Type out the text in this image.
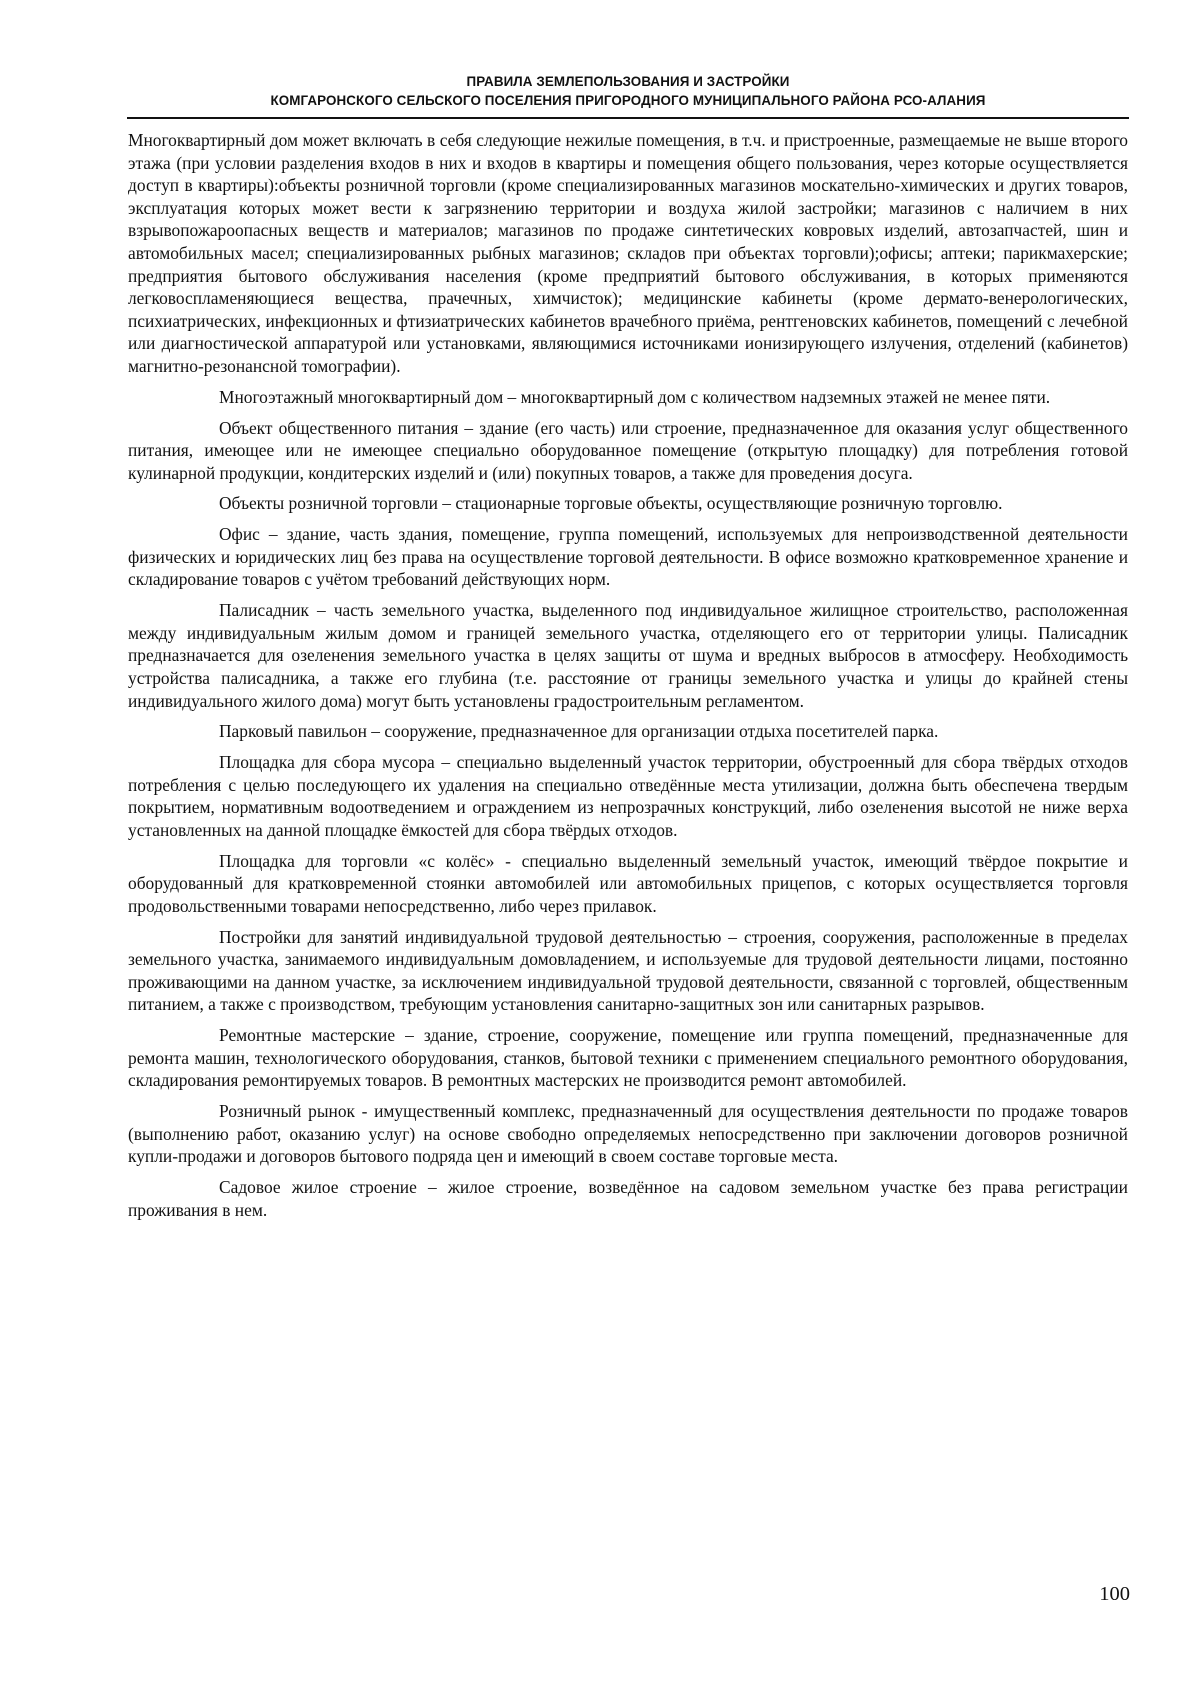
ПРАВИЛА ЗЕМЛЕПОЛЬЗОВАНИЯ И ЗАСТРОЙКИ
КОМГАРОНСКОГО СЕЛЬСКОГО ПОСЕЛЕНИЯ ПРИГОРОДНОГО МУНИЦИПАЛЬНОГО РАЙОНА РСО-АЛАНИЯ

Многоквартирный дом может включать в себя следующие нежилые помещения, в т.ч. и пристроенные, размещаемые не выше второго этажа (при условии разделения входов в них и входов в квартиры и помещения общего пользования, через которые осуществляется доступ в квартиры):объекты розничной торговли (кроме специализированных магазинов москательно-химических и других товаров, эксплуатация которых может вести к загрязнению территории и воздуха жилой застройки; магазинов с наличием в них взрывопожароопасных веществ и материалов; магазинов по продаже синтетических ковровых изделий, автозапчастей, шин и автомобильных масел; специализированных рыбных магазинов; складов при объектах торговли);офисы; аптеки; парикмахерские; предприятия бытового обслуживания населения (кроме предприятий бытового обслуживания, в которых применяются легковоспламеняющиеся вещества, прачечных, химчисток); медицинские кабинеты (кроме дермато-венерологических, психиатрических, инфекционных и фтизиатрических кабинетов врачебного приёма, рентгеновских кабинетов, помещений с лечебной или диагностической аппаратурой или установками, являющимися источниками ионизирующего излучения, отделений (кабинетов) магнитно-резонансной томографии).

Многоэтажный многоквартирный дом – многоквартирный дом с количеством надземных этажей не менее пяти.

Объект общественного питания – здание (его часть) или строение, предназначенное для оказания услуг общественного питания, имеющее или не имеющее специально оборудованное помещение (открытую площадку) для потребления готовой кулинарной продукции, кондитерских изделий и (или) покупных товаров, а также для проведения досуга.

Объекты розничной торговли – стационарные торговые объекты, осуществляющие розничную торговлю.

Офис – здание, часть здания, помещение, группа помещений, используемых для непроизводственной деятельности физических и юридических лиц без права на осуществление торговой деятельности. В офисе возможно кратковременное хранение и складирование товаров с учётом требований действующих норм.

Палисадник – часть земельного участка, выделенного под индивидуальное жилищное строительство, расположенная между индивидуальным жилым домом и границей земельного участка, отделяющего его от территории улицы. Палисадник предназначается для озеленения земельного участка в целях защиты от шума и вредных выбросов в атмосферу. Необходимость устройства палисадника, а также его глубина (т.е. расстояние от границы земельного участка и улицы до крайней стены индивидуального жилого дома) могут быть установлены градостроительным регламентом.

Парковый павильон – сооружение, предназначенное для организации отдыха посетителей парка.

Площадка для сбора мусора – специально выделенный участок территории, обустроенный для сбора твёрдых отходов потребления с целью последующего их удаления на специально отведённые места утилизации, должна быть обеспечена твердым покрытием, нормативным водоотведением и ограждением из непрозрачных конструкций, либо озеленения высотой не ниже верха установленных на данной площадке ёмкостей для сбора твёрдых отходов.

Площадка для торговли «с колёс» - специально выделенный земельный участок, имеющий твёрдое покрытие и оборудованный для кратковременной стоянки автомобилей или автомобильных прицепов, с которых осуществляется торговля продовольственными товарами непосредственно, либо через прилавок.

Постройки для занятий индивидуальной трудовой деятельностью – строения, сооружения, расположенные в пределах земельного участка, занимаемого индивидуальным домовладением, и используемые для трудовой деятельности лицами, постоянно проживающими на данном участке, за исключением индивидуальной трудовой деятельности, связанной с торговлей, общественным питанием, а также с производством, требующим установления санитарно-защитных зон или санитарных разрывов.

Ремонтные мастерские – здание, строение, сооружение, помещение или группа помещений, предназначенные для ремонта машин, технологического оборудования, станков, бытовой техники с применением специального ремонтного оборудования, складирования ремонтируемых товаров. В ремонтных мастерских не производится ремонт автомобилей.

Розничный рынок - имущественный комплекс, предназначенный для осуществления деятельности по продаже товаров (выполнению работ, оказанию услуг) на основе свободно определяемых непосредственно при заключении договоров розничной купли-продажи и договоров бытового подряда цен и имеющий в своем составе торговые места.

Садовое жилое строение – жилое строение, возведённое на садовом земельном участке без права регистрации проживания в нем.

100
